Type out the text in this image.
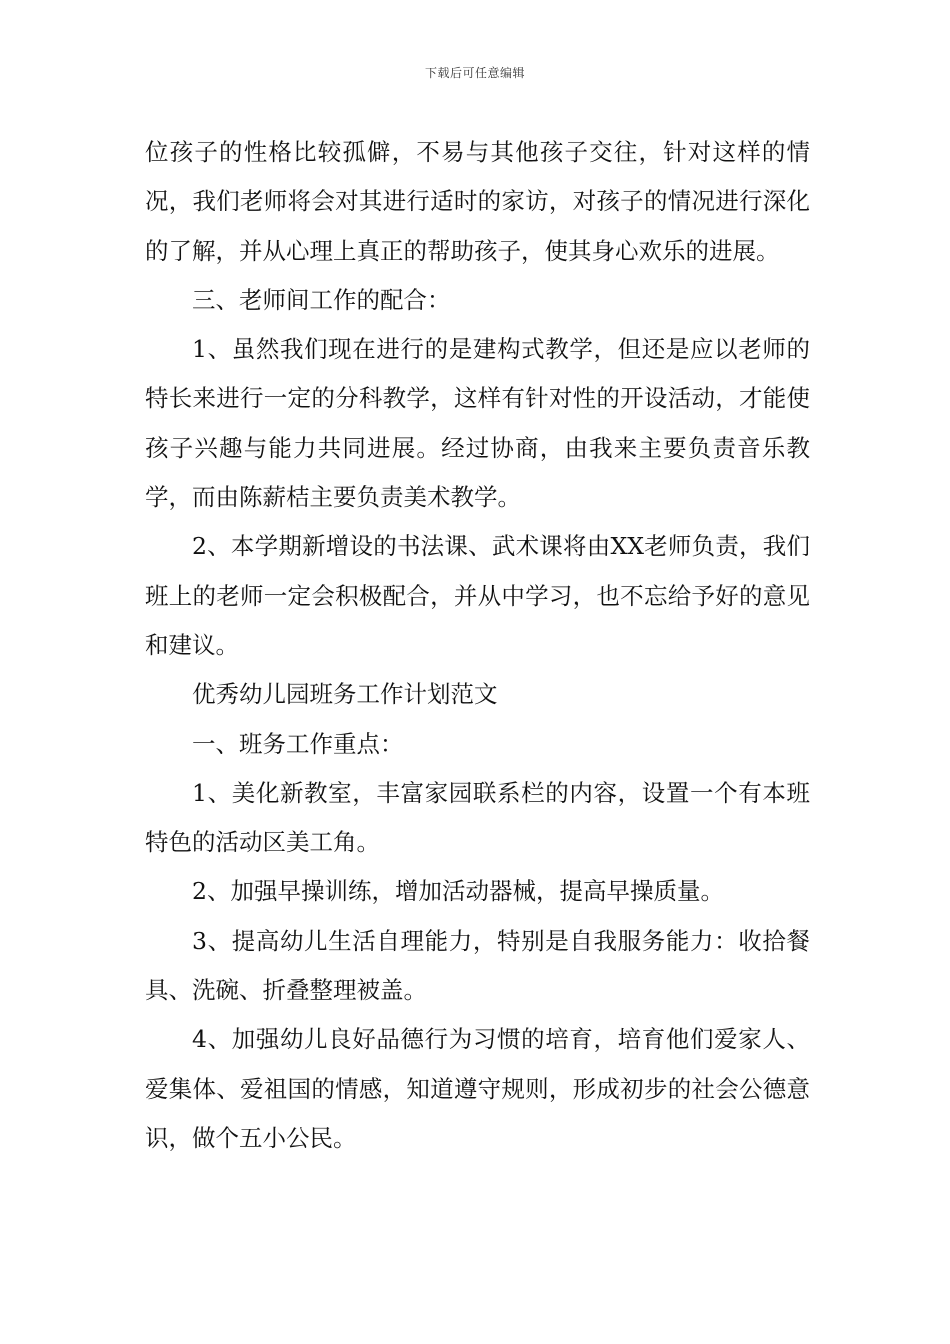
下载后可任意编辑

位孩子的性格比较孤僻，不易与其他孩子交往，针对这样的情况，我们老师将会对其进行适时的家访，对孩子的情况进行深化的了解，并从心理上真正的帮助孩子，使其身心欢乐的进展。

三、老师间工作的配合：

1、虽然我们现在进行的是建构式教学，但还是应以老师的特长来进行一定的分科教学，这样有针对性的开设活动，才能使孩子兴趣与能力共同进展。经过协商，由我来主要负责音乐教学，而由陈薪桔主要负责美术教学。

2、本学期新增设的书法课、武术课将由XX老师负责，我们班上的老师一定会积极配合，并从中学习，也不忘给予好的意见和建议。

优秀幼儿园班务工作计划范文

一、班务工作重点：

1、美化新教室，丰富家园联系栏的内容，设置一个有本班特色的活动区美工角。

2、加强早操训练，增加活动器械，提高早操质量。

3、提高幼儿生活自理能力，特别是自我服务能力：收拾餐具、洗碗、折叠整理被盖。

4、加强幼儿良好品德行为习惯的培育，培育他们爱家人、爱集体、爱祖国的情感，知道遵守规则，形成初步的社会公德意识，做个五小公民。
